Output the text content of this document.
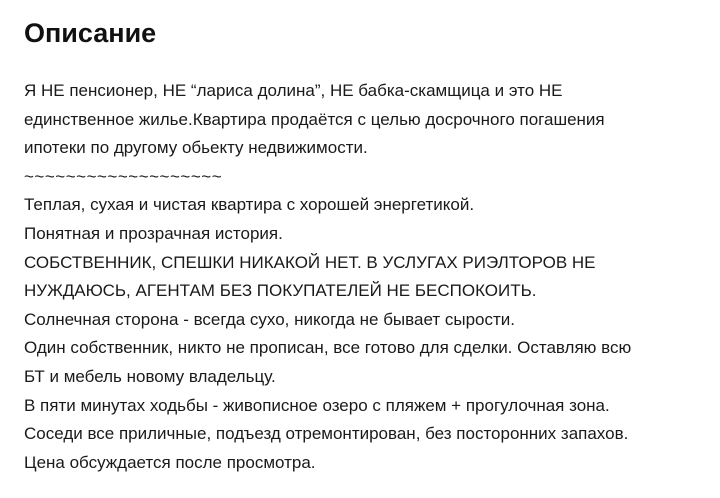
Описание
Я НЕ пенсионер, НЕ “лариса долина”, НЕ бабка-скамщица и это НЕ
единственное жилье.Квартира продаётся с целью досрочного погашения
ипотеки по другому обьекту недвижимости.
~~~~~~~~~~~~~~~~~~~
Теплая, сухая и чистая квартира с хорошей энергетикой.
Понятная и прозрачная история.
СОБСТВЕННИК, СПЕШКИ НИКАКОЙ НЕТ. В УСЛУГАХ РИЭЛТОРОВ НЕ
НУЖДАЮСЬ, АГЕНТАМ БЕЗ ПОКУПАТЕЛЕЙ НЕ БЕСПОКОИТЬ.
Солнечная сторона - всегда сухо, никогда не бывает сырости.
Один собственник, никто не прописан, все готово для сделки. Оставляю всю
БТ и мебель новому владельцу.
В пяти минутах ходьбы - живописное озеро с пляжем + прогулочная зона.
Соседи все приличные, подъезд отремонтирован, без посторонних запахов.
Цена обсуждается после просмотра.
